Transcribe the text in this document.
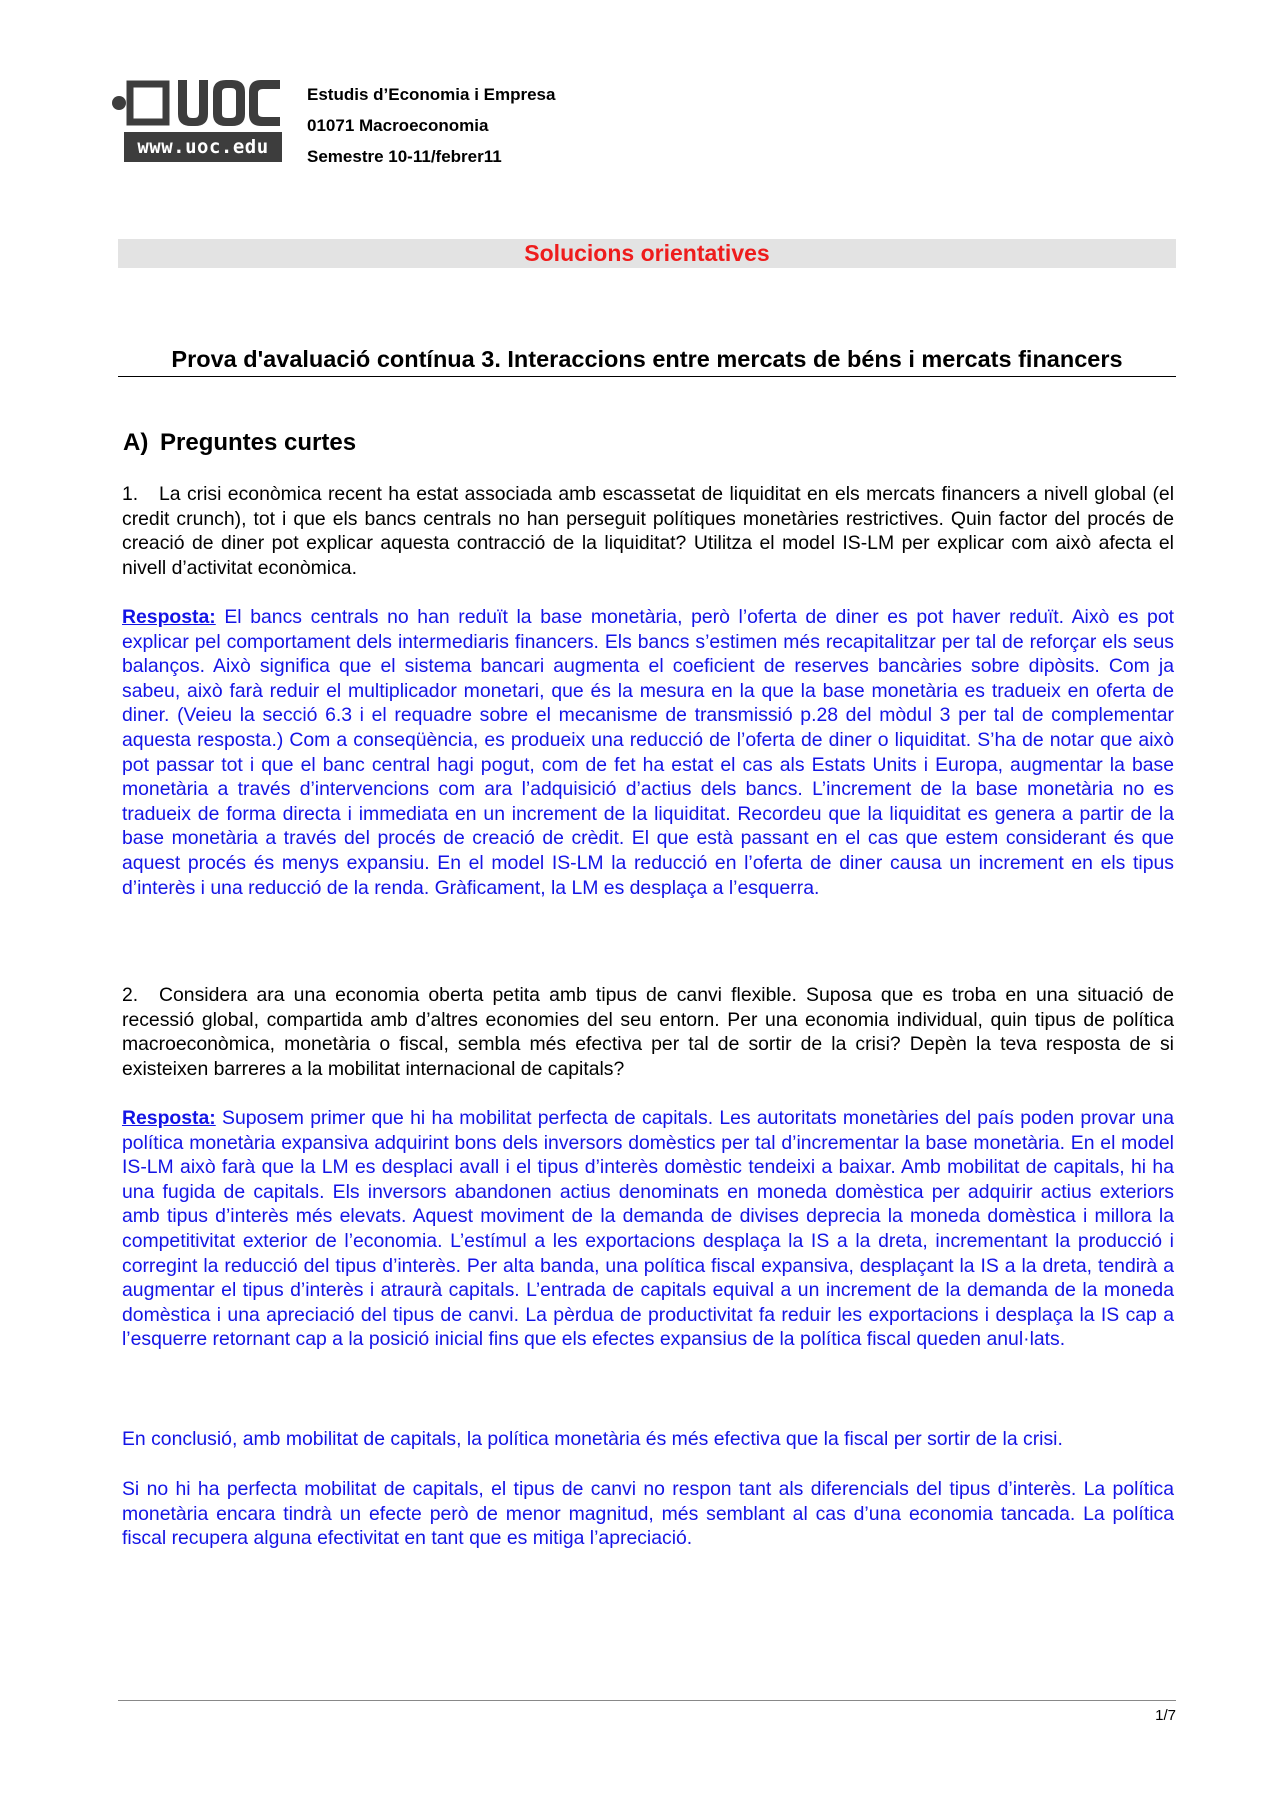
www.uoc.edu
Estudis d’Economia i Empresa
01071 Macroeconomia
Semestre 10-11/febrer11
Solucions orientatives
Prova d'avaluació contínua 3. Interaccions entre mercats de béns i mercats financers
A) Preguntes curtes

1. La crisi econòmica recent ha estat associada amb escassetat de liquiditat en els mercats financers a nivell global (el credit crunch), tot i que els bancs centrals no han perseguit polítiques monetàries restrictives. Quin factor del procés de creació de diner pot explicar aquesta contracció de la liquiditat? Utilitza el model IS-LM per explicar com això afecta el nivell d’activitat econòmica.

Resposta: El bancs centrals no han reduït la base monetària, però l’oferta de diner es pot haver reduït. Això es pot explicar pel comportament dels intermediaris financers. Els bancs s’estimen més recapitalitzar per tal de reforçar els seus balanços. Això significa que el sistema bancari augmenta el coeficient de reserves bancàries sobre dipòsits. Com ja sabeu, això farà reduir el multiplicador monetari, que és la mesura en la que la base monetària es tradueix en oferta de diner. (Veieu la secció 6.3 i el requadre sobre el mecanisme de transmissió p.28 del mòdul 3 per tal de complementar aquesta resposta.) Com a conseqüència, es produeix una reducció de l’oferta de diner o liquiditat. S’ha de notar que això pot passar tot i que el banc central hagi pogut, com de fet ha estat el cas als Estats Units i Europa, augmentar la base monetària a través d’intervencions com ara l’adquisició d’actius dels bancs. L’increment de la base monetària no es tradueix de forma directa i immediata en un increment de la liquiditat. Recordeu que la liquiditat es genera a partir de la base monetària a través del procés de creació de crèdit. El que està passant en el cas que estem considerant és que aquest procés és menys expansiu. En el model IS-LM la reducció en l’oferta de diner causa un increment en els tipus d’interès i una reducció de la renda. Gràficament, la LM es desplaça a l’esquerra.

2. Considera ara una economia oberta petita amb tipus de canvi flexible. Suposa que es troba en una situació de recessió global, compartida amb d’altres economies del seu entorn. Per una economia individual, quin tipus de política macroeconòmica, monetària o fiscal, sembla més efectiva per tal de sortir de la crisi? Depèn la teva resposta de si existeixen barreres a la mobilitat internacional de capitals?

Resposta: Suposem primer que hi ha mobilitat perfecta de capitals. Les autoritats monetàries del país poden provar una política monetària expansiva adquirint bons dels inversors domèstics per tal d’incrementar la base monetària. En el model IS-LM això farà que la LM es desplaci avall i el tipus d’interès domèstic tendeixi a baixar. Amb mobilitat de capitals, hi ha una fugida de capitals. Els inversors abandonen actius denominats en moneda domèstica per adquirir actius exteriors amb tipus d’interès més elevats. Aquest moviment de la demanda de divises deprecia la moneda domèstica i millora la competitivitat exterior de l’economia. L’estímul a les exportacions desplaça la IS a la dreta, incrementant la producció i corregint la reducció del tipus d’interès. Per alta banda, una política fiscal expansiva, desplaçant la IS a la dreta, tendirà a augmentar el tipus d’interès i atraurà capitals. L’entrada de capitals equival a un increment de la demanda de la moneda domèstica i una apreciació del tipus de canvi. La pèrdua de productivitat fa reduir les exportacions i desplaça la IS cap a l’esquerre retornant cap a la posició inicial fins que els efectes expansius de la política fiscal queden anul·lats.

En conclusió, amb mobilitat de capitals, la política monetària és més efectiva que la fiscal per sortir de la crisi.

Si no hi ha perfecta mobilitat de capitals, el tipus de canvi no respon tant als diferencials del tipus d’interès. La política monetària encara tindrà un efecte però de menor magnitud, més semblant al cas d’una economia tancada. La política fiscal recupera alguna efectivitat en tant que es mitiga l’apreciació.

1/7
